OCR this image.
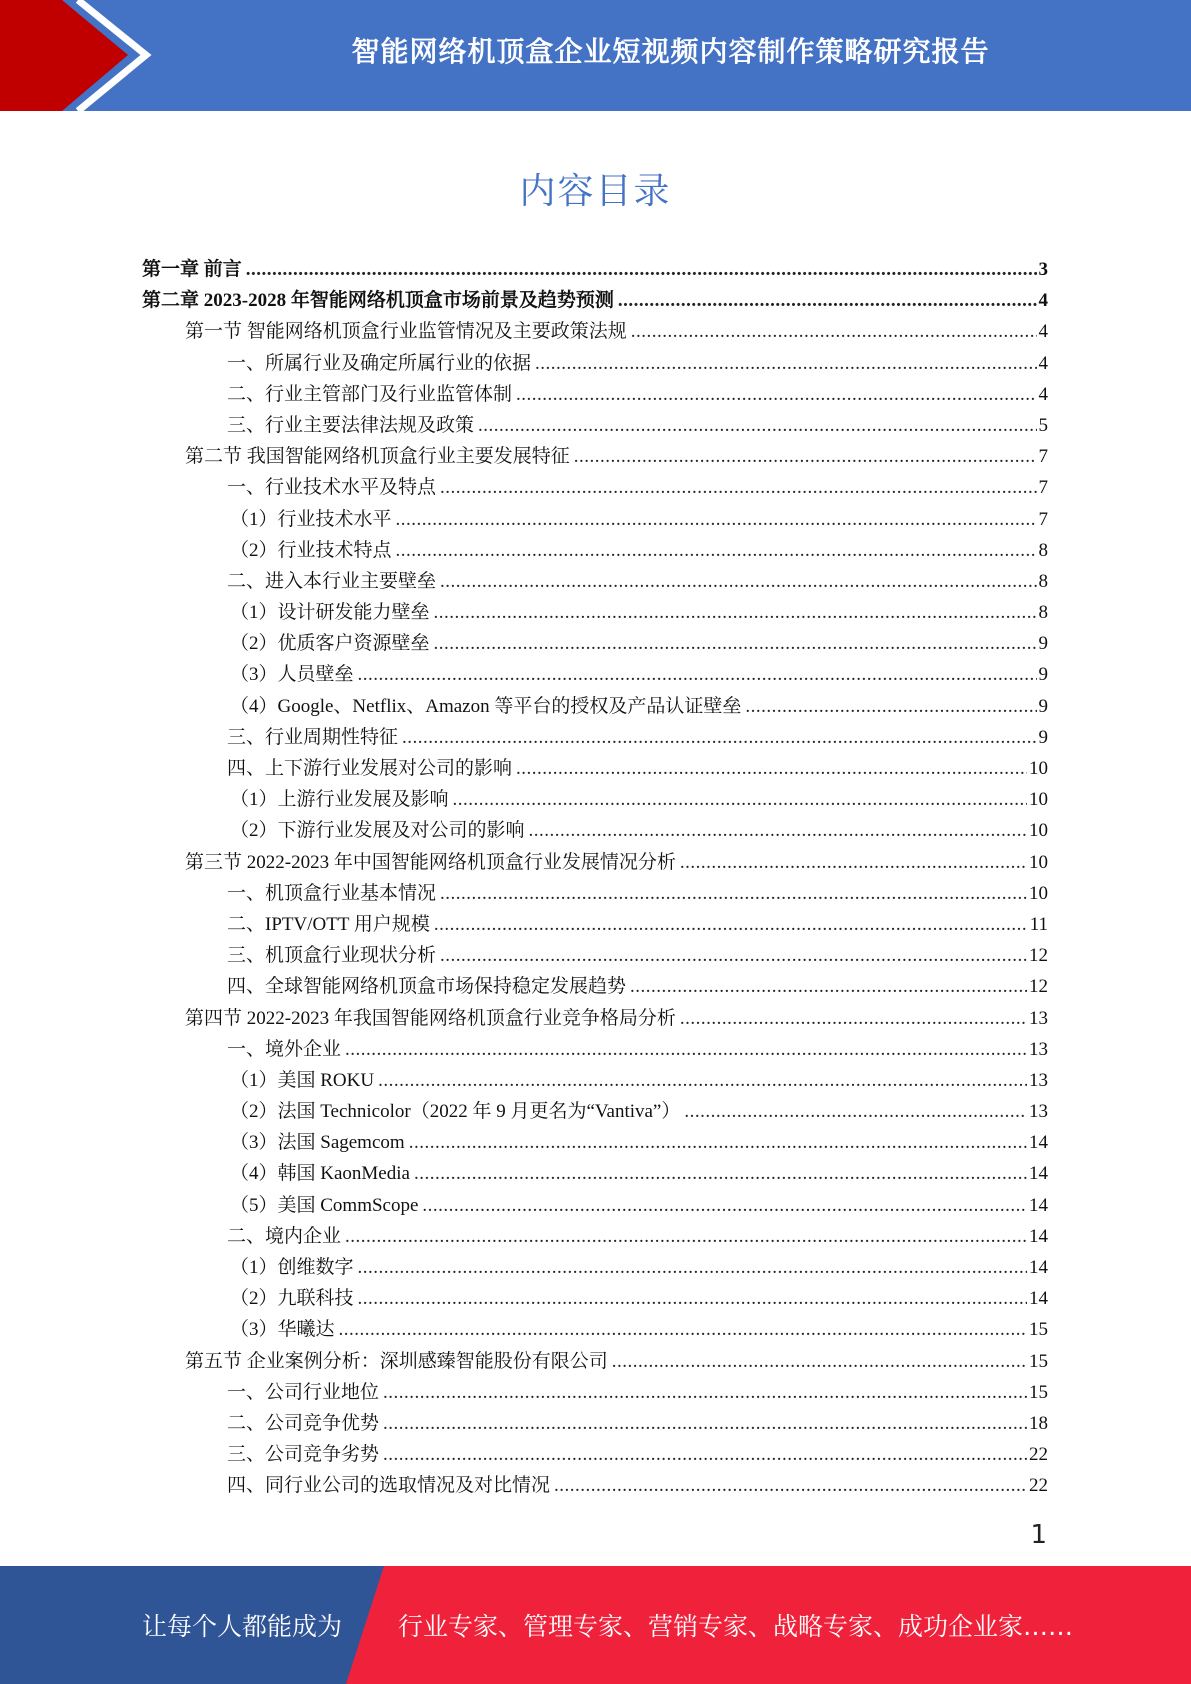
智能网络机顶盒企业短视频内容制作策略研究报告
内容目录
第一章 前言 .....	3
第二章 2023-2028 年智能网络机顶盒市场前景及趋势预测 .....	4
第一节 智能网络机顶盒行业监管情况及主要政策法规 .....	4
一、所属行业及确定所属行业的依据 .....	4
二、行业主管部门及行业监管体制 .....	4
三、行业主要法律法规及政策 .....	5
第二节 我国智能网络机顶盒行业主要发展特征 .....	7
一、行业技术水平及特点 .....	7
（1）行业技术水平 .....	7
（2）行业技术特点 .....	8
二、进入本行业主要壁垒 .....	8
（1）设计研发能力壁垒 .....	8
（2）优质客户资源壁垒 .....	9
（3）人员壁垒 .....	9
（4）Google、Netflix、Amazon 等平台的授权及产品认证壁垒 .....	9
三、行业周期性特征 .....	9
四、上下游行业发展对公司的影响 .....	10
（1）上游行业发展及影响 .....	10
（2）下游行业发展及对公司的影响 .....	10
第三节 2022-2023 年中国智能网络机顶盒行业发展情况分析 .....	10
一、机顶盒行业基本情况 .....	10
二、IPTV/OTT 用户规模 .....	11
三、机顶盒行业现状分析 .....	12
四、全球智能网络机顶盒市场保持稳定发展趋势 .....	12
第四节 2022-2023 年我国智能网络机顶盒行业竞争格局分析 .....	13
一、境外企业 .....	13
（1）美国 ROKU .....	13
（2）法国 Technicolor（2022 年 9 月更名为“Vantiva”） .....	13
（3）法国 Sagemcom .....	14
（4）韩国 KaonMedia .....	14
（5）美国 CommScope .....	14
二、境内企业 .....	14
（1）创维数字 .....	14
（2）九联科技 .....	14
（3）华曦达 .....	15
第五节 企业案例分析：深圳感臻智能股份有限公司 .....	15
一、公司行业地位 .....	15
二、公司竞争优势 .....	18
三、公司竞争劣势 .....	22
四、同行业公司的选取情况及对比情况 .....	22
1
让每个人都能成为 行业专家、管理专家、营销专家、战略专家、成功企业家……
